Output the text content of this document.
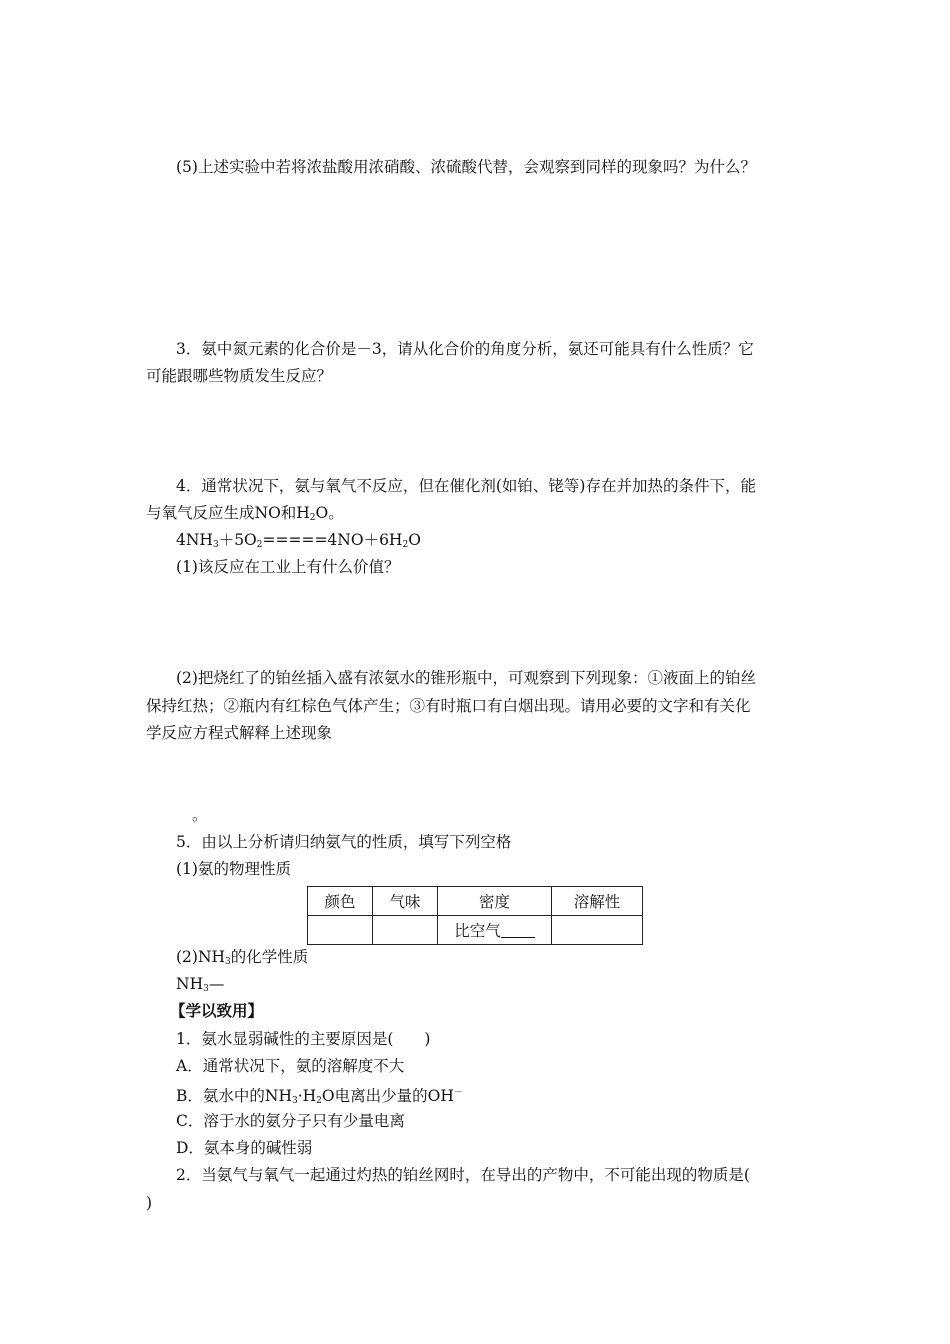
(5)上述实验中若将浓盐酸用浓硝酸、浓硫酸代替，会观察到同样的现象吗？为什么？
3．氨中氮元素的化合价是－3，请从化合价的角度分析，氨还可能具有什么性质？它
可能跟哪些物质发生反应？
4．通常状况下，氨与氧气不反应，但在催化剂(如铂、铑等)存在并加热的条件下，能
与氧气反应生成NO和$H_2O$。
$4NH_3+5O_2=====4NO+6H_2O$
(1)该反应在工业上有什么价值？
(2)把烧红了的铂丝插入盛有浓氨水的锥形瓶中，可观察到下列现象：①液面上的铂丝
保持红热；②瓶内有红棕色气体产生；③有时瓶口有白烟出现。请用必要的文字和有关化
学反应方程式解释上述现象
。
5．由以上分析请归纳氨气的性质，填写下列空格
(1)氨的物理性质
颜色	气味	密度	溶解性
		比空气	
$(2)NH_3$的化学性质
$NH_3—$
【学以致用】
1．氨水显弱碱性的主要原因是(　　)
A．通常状况下，氨的溶解度不大
B．氨水中的$NH_3\cdot H_2O$电离出少量的OH－
C．溶于水的氨分子只有少量电离
D．氨本身的碱性弱
2．当氨气与氧气一起通过灼热的铂丝网时，在导出的产物中，不可能出现的物质是(
)
